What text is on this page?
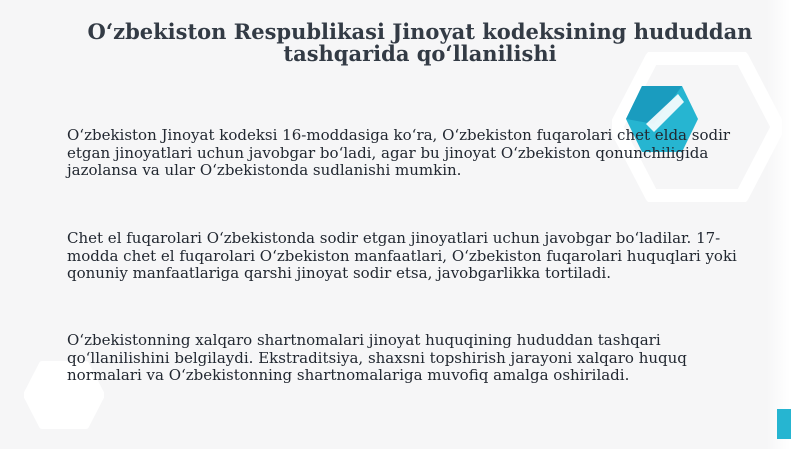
O‘zbekiston Respublikasi Jinoyat kodeksining hududdan tashqarida qo‘llanilishi

O‘zbekiston Jinoyat kodeksi 16-moddasiga ko‘ra, O‘zbekiston fuqarolari chet elda sodir etgan jinoyatlari uchun javobgar bo‘ladi, agar bu jinoyat O‘zbekiston qonunchiligida jazolansa va ular O‘zbekistonda sudlanishi mumkin.

Chet el fuqarolari O‘zbekistonda sodir etgan jinoyatlari uchun javobgar bo‘ladilar. 17-modda chet el fuqarolari O‘zbekiston manfaatlari, O‘zbekiston fuqarolari huquqlari yoki qonuniy manfaatlariga qarshi jinoyat sodir etsa, javobgarlikka tortiladi.

O‘zbekistonning xalqaro shartnomalari jinoyat huquqining hududdan tashqari qo‘llanilishini belgilaydi. Ekstraditsiya, shaxsni topshirish jarayoni xalqaro huquq normalari va O‘zbekistonning shartnomalariga muvofiq amalga oshiriladi.
